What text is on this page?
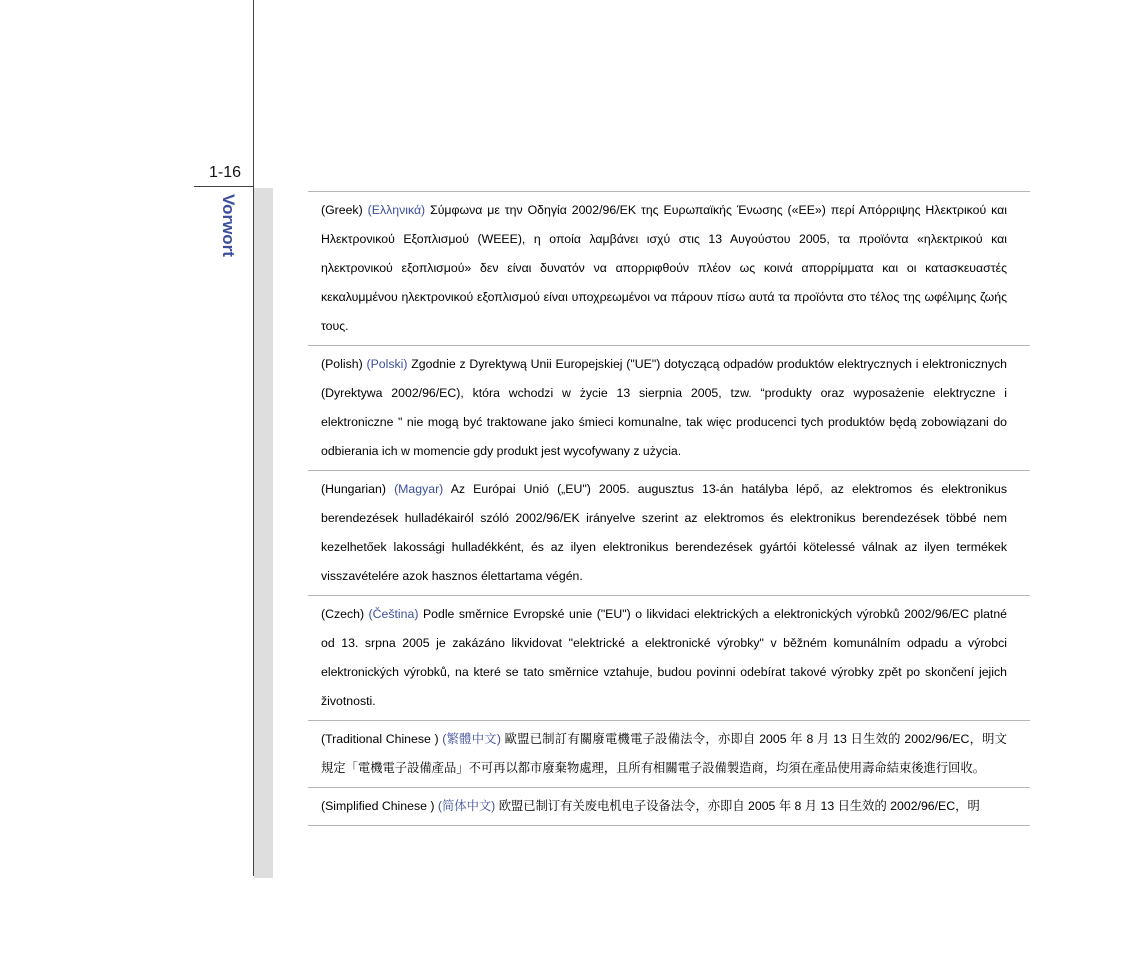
1-16
Vorwort	(Greek) (Ελληνικά) Σύμφωνα με την Οδηγία 2002/96/ΕΚ της Ευρωπαϊκής Ένωσης («ΕΕ») περί Απόρριψης Ηλεκτρικού και Ηλεκτρονικού Εξοπλισμού (WEEE), η οποία λαμβάνει ισχύ στις 13 Αυγούστου 2005, τα προϊόντα «ηλεκτρικού και ηλεκτρονικού εξοπλισμού» δεν είναι δυνατόν να απορριφθούν πλέον ως κοινά απορρίμματα και οι κατασκευαστές κεκαλυμμένου ηλεκτρονικού εξοπλισμού είναι υποχρεωμένοι να πάρουν πίσω αυτά τα προϊόντα στο τέλος της ωφέλιμης ζωής τους.
(Polish) (Polski) Zgodnie z Dyrektywą Unii Europejskiej ("UE") dotyczącą odpadów produktów elektrycznych i elektronicznych (Dyrektywa 2002/96/EC), która wchodzi w życie 13 sierpnia 2005, tzw. “produkty oraz wyposażenie elektryczne i elektroniczne " nie mogą być traktowane jako śmieci komunalne, tak więc producenci tych produktów będą zobowiązani do odbierania ich w momencie gdy produkt jest wycofywany z użycia.
(Hungarian) (Magyar) Az Európai Unió („EU") 2005. augusztus 13-án hatályba lépő, az elektromos és elektronikus berendezések hulladékairól szóló 2002/96/EK irányelve szerint az elektromos és elektronikus berendezések többé nem kezelhetőek lakossági hulladékként, és az ilyen elektronikus berendezések gyártói kötelessé válnak az ilyen termékek visszavételére azok hasznos élettartama végén.
(Czech) (Čeština) Podle směrnice Evropské unie ("EU") o likvidaci elektrických a elektronických výrobků 2002/96/EC platné od 13. srpna 2005 je zakázáno likvidovat "elektrické a elektronické výrobky" v běžném komunálním odpadu a výrobci elektronických výrobků, na které se tato směrnice vztahuje, budou povinni odebírat takové výrobky zpět po skončení jejich životnosti.
(Traditional Chinese ) (繁體中文) 歐盟已制訂有關廢電機電子設備法令，亦即自 2005 年 8 月 13 日生效的 2002/96/EC，明文規定「電機電子設備產品」不可再以都市廢棄物處理，且所有相關電子設備製造商，均須在產品使用壽命結束後進行回收。
(Simplified Chinese ) (简体中文) 欧盟已制订有关废电机电子设备法令，亦即自 2005 年 8 月 13 日生效的 2002/96/EC，明
